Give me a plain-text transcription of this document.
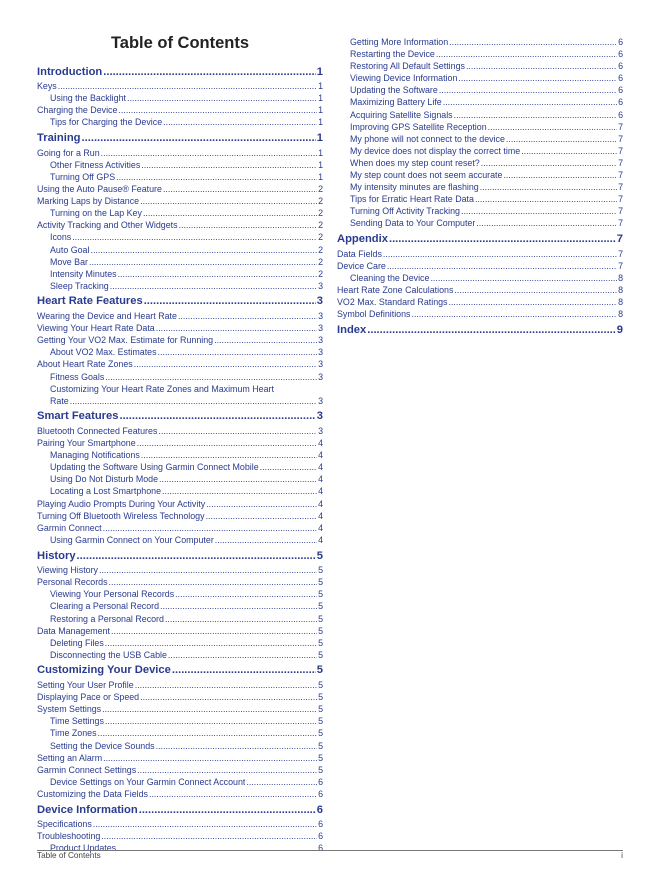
Table of Contents
Introduction .....	1
Keys .....	1
Using the Backlight .....	1
Charging the Device .....	1
Tips for Charging the Device .....	1
Training .....	1
Going for a Run .....	1
Other Fitness Activities .....	1
Turning Off GPS .....	1
Using the Auto Pause® Feature .....	2
Marking Laps by Distance .....	2
Turning on the Lap Key .....	2
Activity Tracking and Other Widgets .....	2
Icons .....	2
Auto Goal .....	2
Move Bar .....	2
Intensity Minutes .....	2
Sleep Tracking .....	3
Heart Rate Features .....	3
Wearing the Device and Heart Rate .....	3
Viewing Your Heart Rate Data .....	3
Getting Your VO2 Max. Estimate for Running .....	3
About VO2 Max. Estimates .....	3
About Heart Rate Zones .....	3
Fitness Goals .....	3
Customizing Your Heart Rate Zones and Maximum Heart
Rate .....	3
Smart Features .....	3
Bluetooth Connected Features .....	3
Pairing Your Smartphone .....	4
Managing Notifications .....	4
Updating the Software Using Garmin Connect Mobile .....	4
Using Do Not Disturb Mode .....	4
Locating a Lost Smartphone .....	4
Playing Audio Prompts During Your Activity .....	4
Turning Off Bluetooth Wireless Technology .....	4
Garmin Connect .....	4
Using Garmin Connect on Your Computer .....	4
History .....	5
Viewing History .....	5
Personal Records .....	5
Viewing Your Personal Records .....	5
Clearing a Personal Record .....	5
Restoring a Personal Record .....	5
Data Management .....	5
Deleting Files .....	5
Disconnecting the USB Cable .....	5
Customizing Your Device .....	5
Setting Your User Profile .....	5
Displaying Pace or Speed .....	5
System Settings .....	5
Time Settings .....	5
Time Zones .....	5
Setting the Device Sounds .....	5
Setting an Alarm .....	5
Garmin Connect Settings .....	5
Device Settings on Your Garmin Connect Account .....	6
Customizing the Data Fields .....	6
Device Information .....	6
Specifications .....	6
Troubleshooting .....	6
Product Updates .....	6
Getting More Information .....	6
Restarting the Device .....	6
Restoring All Default Settings .....	6
Viewing Device Information .....	6
Updating the Software .....	6
Maximizing Battery Life .....	6
Acquiring Satellite Signals .....	6
Improving GPS Satellite Reception .....	7
My phone will not connect to the device .....	7
My device does not display the correct time .....	7
When does my step count reset? .....	7
My step count does not seem accurate .....	7
My intensity minutes are flashing .....	7
Tips for Erratic Heart Rate Data .....	7
Turning Off Activity Tracking .....	7
Sending Data to Your Computer .....	7
Appendix .....	7
Data Fields .....	7
Device Care .....	7
Cleaning the Device .....	8
Heart Rate Zone Calculations .....	8
VO2 Max. Standard Ratings .....	8
Symbol Definitions .....	8
Index .....	9
Table of Contents	i
